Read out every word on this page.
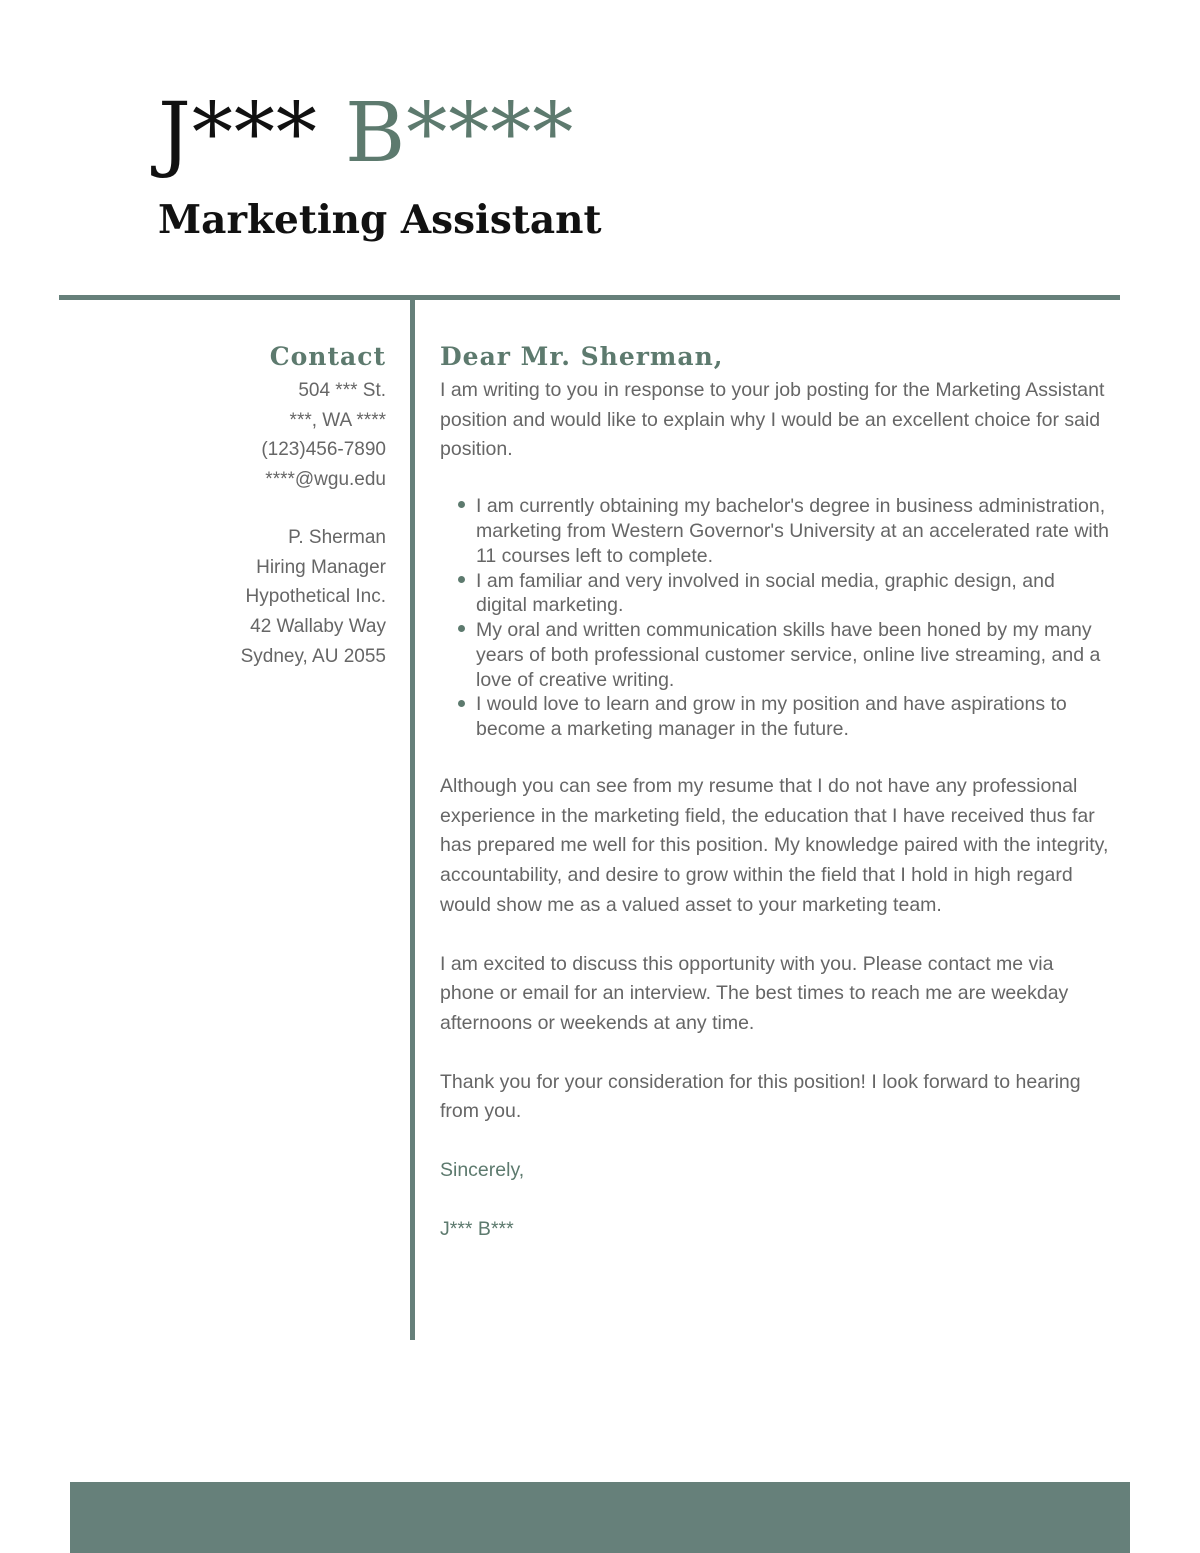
J*** B****
Marketing Assistant
Contact
504 *** St.
***, WA ****
(123)456-7890
****@wgu.edu
P. Sherman
Hiring Manager
Hypothetical Inc.
42 Wallaby Way
Sydney, AU 2055
Dear Mr. Sherman,

I am writing to you in response to your job posting for the Marketing Assistant position and would like to explain why I would be an excellent choice for said position.

I am currently obtaining my bachelor's degree in business administration, marketing from Western Governor's University at an accelerated rate with 11 courses left to complete.
I am familiar and very involved in social media, graphic design, and digital marketing.
My oral and written communication skills have been honed by my many years of both professional customer service, online live streaming, and a love of creative writing.
I would love to learn and grow in my position and have aspirations to become a marketing manager in the future.

Although you can see from my resume that I do not have any professional experience in the marketing field, the education that I have received thus far has prepared me well for this position. My knowledge paired with the integrity, accountability, and desire to grow within the field that I hold in high regard would show me as a valued asset to your marketing team.

I am excited to discuss this opportunity with you. Please contact me via phone or email for an interview. The best times to reach me are weekday afternoons or weekends at any time.

Thank you for your consideration for this position! I look forward to hearing from you.

Sincerely,
J*** B***
